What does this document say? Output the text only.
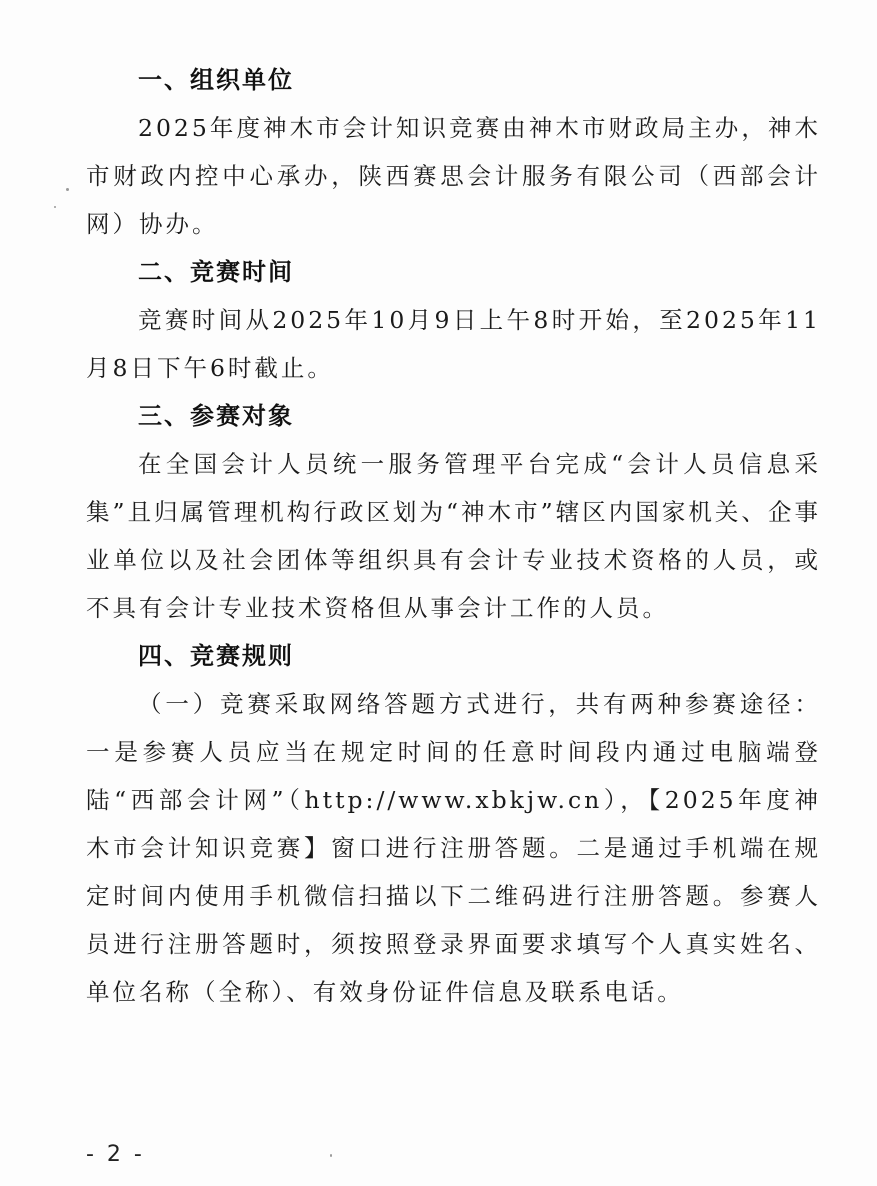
一、组织单位

2025年度神木市会计知识竞赛由神木市财政局主办，神木市财政内控中心承办，陕西赛思会计服务有限公司（西部会计网）协办。

二、竞赛时间

竞赛时间从2025年10月9日上午8时开始，至2025年11月8日下午6时截止。

三、参赛对象

在全国会计人员统一服务管理平台完成“会计人员信息采集”且归属管理机构行政区划为“神木市”辖区内国家机关、企事业单位以及社会团体等组织具有会计专业技术资格的人员，或不具有会计专业技术资格但从事会计工作的人员。

四、竞赛规则

（一）竞赛采取网络答题方式进行，共有两种参赛途径：一是参赛人员应当在规定时间的任意时间段内通过电脑端登陆“西部会计网”（http://www.xbkjw.cn），【2025年度神木市会计知识竞赛】窗口进行注册答题。二是通过手机端在规定时间内使用手机微信扫描以下二维码进行注册答题。参赛人员进行注册答题时，须按照登录界面要求填写个人真实姓名、单位名称（全称）、有效身份证件信息及联系电话。

- 2 -
